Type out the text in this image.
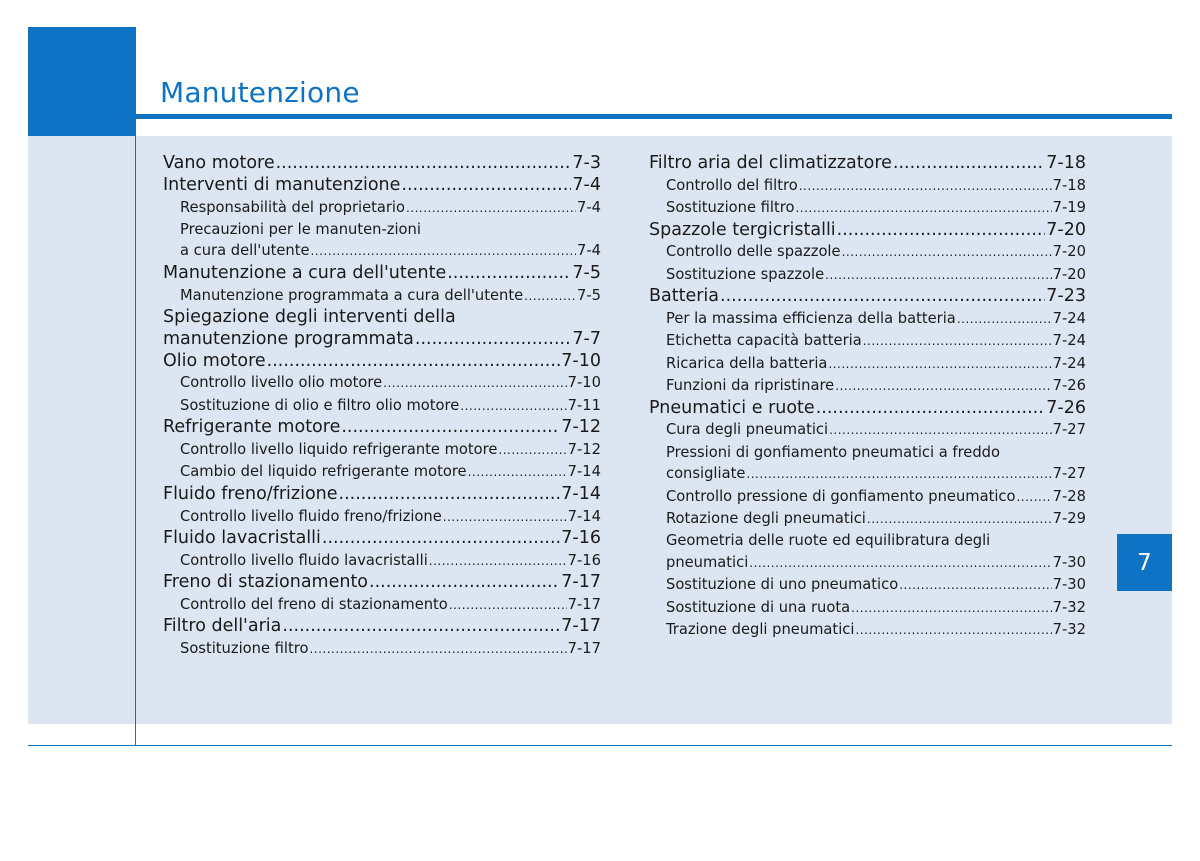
Manutenzione
7
Vano motore .....	7-3
Interventi di manutenzione .....	7-4
Responsabilità del proprietario .....	7-4
Precauzioni per le manuten-zioni
a cura dell'utente .....	7-4
Manutenzione a cura dell'utente .....	7-5
Manutenzione programmata a cura dell'utente .....	7-5
Spiegazione degli interventi della
manutenzione programmata .....	7-7
Olio motore .....	7-10
Controllo livello olio motore .....	7-10
Sostituzione di olio e filtro olio motore .....	7-11
Refrigerante motore .....	7-12
Controllo livello liquido refrigerante motore .....	7-12
Cambio del liquido refrigerante motore .....	7-14
Fluido freno/frizione .....	7-14
Controllo livello fluido freno/frizione .....	7-14
Fluido lavacristalli .....	7-16
Controllo livello fluido lavacristalli .....	7-16
Freno di stazionamento .....	7-17
Controllo del freno di stazionamento .....	7-17
Filtro dell'aria .....	7-17
Sostituzione filtro .....	7-17
Filtro aria del climatizzatore .....	7-18
Controllo del filtro .....	7-18
Sostituzione filtro .....	7-19
Spazzole tergicristalli .....	7-20
Controllo delle spazzole .....	7-20
Sostituzione spazzole .....	7-20
Batteria .....	7-23
Per la massima efficienza della batteria .....	7-24
Etichetta capacità batteria .....	7-24
Ricarica della batteria .....	7-24
Funzioni da ripristinare .....	7-26
Pneumatici e ruote .....	7-26
Cura degli pneumatici .....	7-27
Pressioni di gonfiamento pneumatici a freddo
consigliate .....	7-27
Controllo pressione di gonfiamento pneumatico .....	7-28
Rotazione degli pneumatici .....	7-29
Geometria delle ruote ed equilibratura degli
pneumatici .....	7-30
Sostituzione di uno pneumatico .....	7-30
Sostituzione di una ruota .....	7-32
Trazione degli pneumatici .....	7-32
